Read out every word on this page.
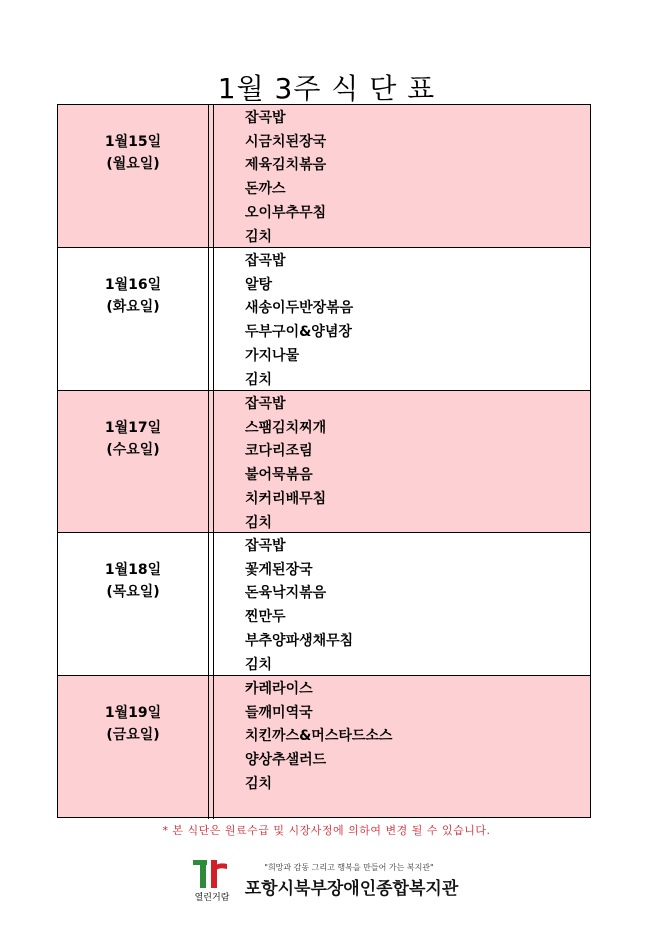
1월 3주 식 단 표
1월15일
(월요일)
잡곡밥
시금치된장국
제육김치볶음
돈까스
오이부추무침
김치
1월16일
(화요일)
잡곡밥
알탕
새송이두반장볶음
두부구이&양념장
가지나물
김치
1월17일
(수요일)
잡곡밥
스팸김치찌개
코다리조림
불어묵볶음
치커리배무침
김치
1월18일
(목요일)
잡곡밥
꽃게된장국
돈육낙지볶음
찐만두
부추양파생채무침
김치
1월19일
(금요일)
카레라이스
들깨미역국
치킨까스&머스타드소스
양상추샐러드
김치
* 본 식단은 원료수급 및 시장사정에 의하여 변경 될 수 있습니다.
열린거람
"희망과 감동 그리고 행복을 만들어 가는 복지관"
포항시북부장애인종합복지관
